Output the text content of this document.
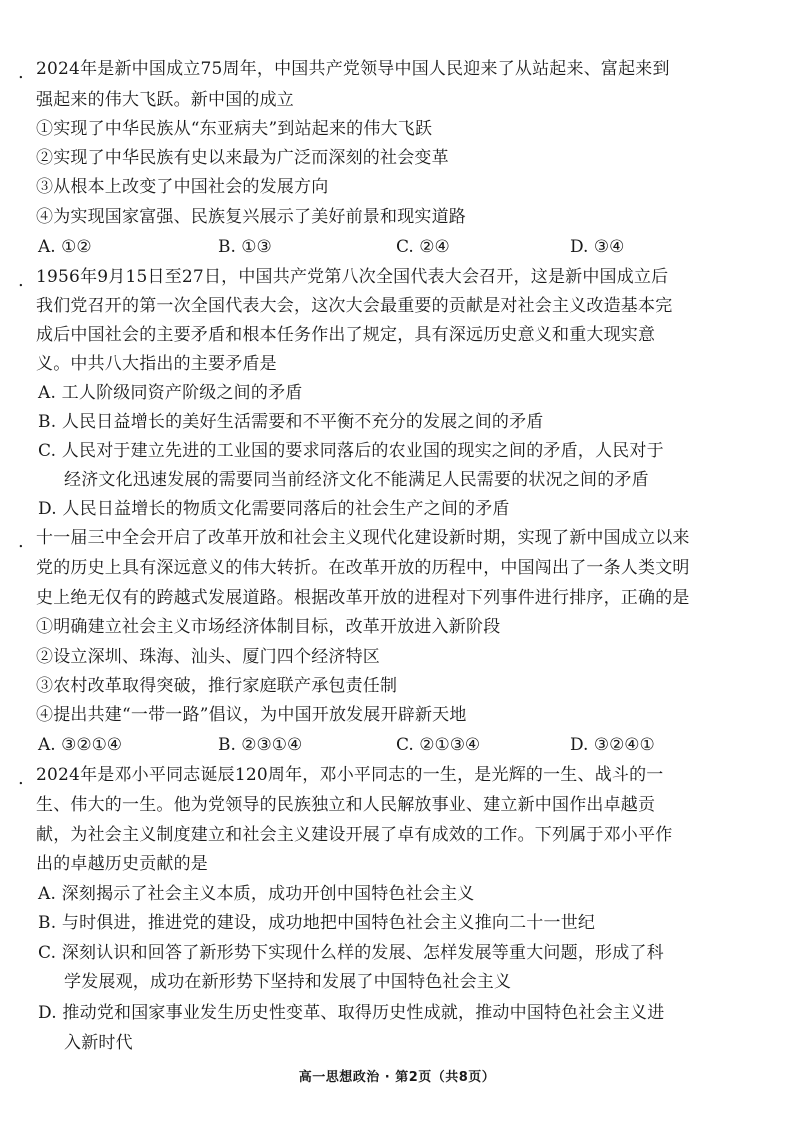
. 2024年是新中国成立75周年，中国共产党领导中国人民迎来了从站起来、富起来到
强起来的伟大飞跃。新中国的成立
①实现了中华民族从“东亚病夫”到站起来的伟大飞跃
②实现了中华民族有史以来最为广泛而深刻的社会变革
③从根本上改变了中国社会的发展方向
④为实现国家富强、民族复兴展示了美好前景和现实道路
A. ①②	B. ①③	C. ②④	D. ③④
. 1956年9月15日至27日，中国共产党第八次全国代表大会召开，这是新中国成立后
我们党召开的第一次全国代表大会，这次大会最重要的贡献是对社会主义改造基本完
成后中国社会的主要矛盾和根本任务作出了规定，具有深远历史意义和重大现实意
义。中共八大指出的主要矛盾是
A. 工人阶级同资产阶级之间的矛盾
B. 人民日益增长的美好生活需要和不平衡不充分的发展之间的矛盾
C. 人民对于建立先进的工业国的要求同落后的农业国的现实之间的矛盾，人民对于
经济文化迅速发展的需要同当前经济文化不能满足人民需要的状况之间的矛盾
D. 人民日益增长的物质文化需要同落后的社会生产之间的矛盾
. 十一届三中全会开启了改革开放和社会主义现代化建设新时期，实现了新中国成立以来
党的历史上具有深远意义的伟大转折。在改革开放的历程中，中国闯出了一条人类文明
史上绝无仅有的跨越式发展道路。根据改革开放的进程对下列事件进行排序，正确的是
①明确建立社会主义市场经济体制目标，改革开放进入新阶段
②设立深圳、珠海、汕头、厦门四个经济特区
③农村改革取得突破，推行家庭联产承包责任制
④提出共建“一带一路”倡议，为中国开放发展开辟新天地
A. ③②①④	B. ②③①④	C. ②①③④	D. ③②④①
. 2024年是邓小平同志诞辰120周年，邓小平同志的一生，是光辉的一生、战斗的一
生、伟大的一生。他为党领导的民族独立和人民解放事业、建立新中国作出卓越贡
献，为社会主义制度建立和社会主义建设开展了卓有成效的工作。下列属于邓小平作
出的卓越历史贡献的是
A. 深刻揭示了社会主义本质，成功开创中国特色社会主义
B. 与时俱进，推进党的建设，成功地把中国特色社会主义推向二十一世纪
C. 深刻认识和回答了新形势下实现什么样的发展、怎样发展等重大问题，形成了科
学发展观，成功在新形势下坚持和发展了中国特色社会主义
D. 推动党和国家事业发生历史性变革、取得历史性成就，推动中国特色社会主义进
入新时代
高一思想政治 · 第2页（共8页）
